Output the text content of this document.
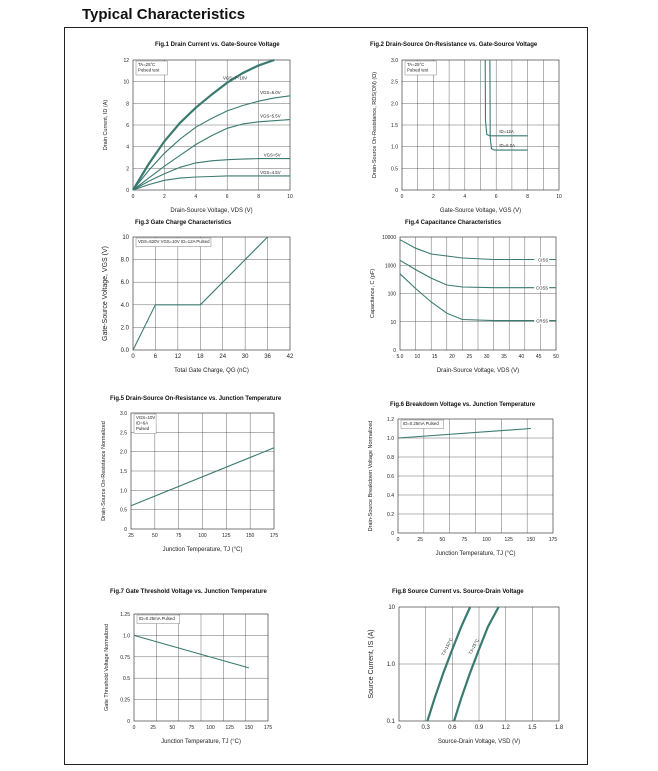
Typical Characteristics
Fig.1 Drain Current vs. Gate-Source Voltage
0	2	4	6	8	10
0
2
4
6
8
10
12
Drain-Source Voltage, VDS (V)
Drain Current, ID (A)
TA=25°C
Pulsed test
VGS=7~10V
VGS=6.0V
VGS=5.5V
VGS=5V
VGS=4.5V
Fig.2 Drain-Source On-Resistance vs. Gate-Source Voltage
0	2	4	6	8	10
0
0.5
1.0
1.5
2.0
2.5
3.0
Gate-Source Voltage, VGS (V)
Drain-Source On-Resistance, RDS(ON) (Ω)
TA=25°C
Pulsed test
ID=12A
ID=6.0A
Fig.3 Gate Charge Characteristics
0	6	12	18	24	30	36	42
0.0
2.0
4.0
6.0
8.0
10
Total Gate Charge, QG (nC)
Gate-Source Voltage, VGS (V)
VDS=520V VGS=10V ID=12A Pulsed
Fig.4 Capacitance Characteristics
5.0 10 15 20 25 30 35 40 45 50
0
10
100
1000
10000
Drain-Source Voltage, VDS (V)
Capacitance, C (pF)
CISS
COSS
CRSS
Fig.5 Drain-Source On-Resistance vs. Junction Temperature
25	50	75	100	125	150	175
0
0.5
1.0
1.5
2.0
2.5
3.0
Junction Temperature, TJ (°C)
Drain-Source On-Resistance Normalized
VGS=10V
ID=6A
Pulsed
Fig.6 Breakdown Voltage vs. Junction Temperature
0	25	50	75	100	125	150	175
0
0.2
0.4
0.6
0.8
1.0
1.2
Junction Temperature, TJ (°C)
Drain-Source Breakdown Voltage Normalized	ID=0.25mA Pulsed
Fig.7 Gate Threshold Voltage vs. Junction Temperature
0	25	50	75 100 125 150 175
0
0.25
0.5
0.75
1.0
1.25
Junction Temperature, TJ (°C)
Gate Threshold Voltage Normalized
ID=0.25mA Pulsed
Fig.8 Source Current vs. Source-Drain Voltage
0	0.3	0.6	0.9	1.2	1.5	1.8
0.1
1.0
10
Source-Drain Voltage, VSD (V)
Source Current, IS (A)	TJ=150°C	TJ=25°C
